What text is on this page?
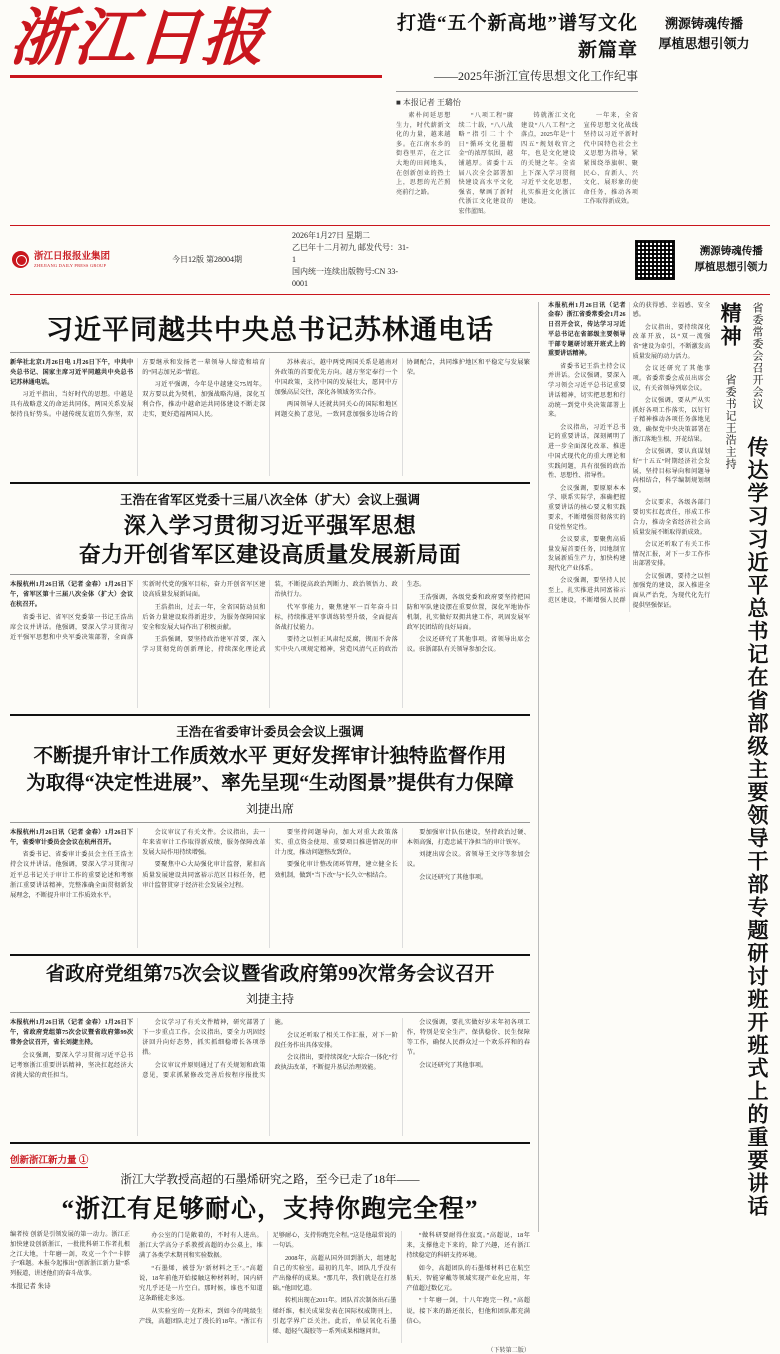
浙江日报	打造“五个新高地”谱写文化新篇章
——2025年浙江宣传思想文化工作纪事
■ 本报记者 王璐怡

素朴问延思想生力，时代薪新文化的力量，越来越多。在江南水乡的街巷里弄，在之江大地的田间地头，在创新创业的热土上，思想的光芒照亮前行之路。

“八项工程”赓续二十载，“八八战略”指引二十个日“循环文化墨精金”的浓厚氛围，越铺越厚。省委十五届八次全会部署加快建设高水平文化强省，擘画了新时代浙江文化建设的宏伟蓝图。

铸就浙江文化建设“八八工程”之落点，2025年是“十四五”规划收官之年，也是文化建设的关键之年。全省上下深入学习贯彻习近平文化思想，扎实推进文化浙江建设。

一年来，全省宣传思想文化战线坚持以习近平新时代中国特色社会主义思想为指导，紧紧围绕举旗帜、聚民心、育新人、兴文化、展形象的使命任务，推动各项工作取得新成效。

溯源铸魂传播
厚植思想引领力
浙江日报报业集团
ZHEJIANG DAILY PRESS GROUP
今日12版 第28004期
2026年1月27日 星期二
乙巳年十二月初九 邮发代号：31-1
国内统一连续出版物号:CN 33-0001
溯源铸魂传播
厚植思想引领力
习近平同越共中央总书记苏林通电话

新华社北京1月26日电 1月26日下午，中共中央总书记、国家主席习近平同越共中央总书记苏林通电话。

习近平指出，当好时代的思想。中越是具有战略意义的命运共同体，两国关系发展保持良好势头。中越传统友谊历久弥坚，双方要继承和发扬老一辈领导人缔造和培育的“同志加兄弟”情谊。

习近平强调，今年是中越建交75周年。双方要以此为契机，加强战略沟通，深化互利合作，推动中越命运共同体建设不断走深走实，更好造福两国人民。

苏林表示，越中两党两国关系是越南对外政策的首要优先方向。越方坚定奉行一个中国政策，支持中国的发展壮大，愿同中方加强高层交往，深化各领域务实合作。

两国领导人还就共同关心的国际和地区问题交换了意见，一致同意加强多边场合的协调配合，共同维护地区和平稳定与发展繁荣。

王浩在省军区党委十三届八次全体（扩大）会议上强调
深入学习贯彻习近平强军思想
奋力开创省军区建设高质量发展新局面

本报杭州1月26日讯（记者 金春）1月26日下午，省军区第十三届八次全体（扩大）会议在杭召开。

省委书记、省军区党委第一书记王浩出席会议并讲话。他强调，要深入学习贯彻习近平强军思想和中央军委决策部署，全面落实新时代党的强军目标，奋力开创省军区建设高质量发展新局面。

王浩指出，过去一年，全省国防动员和后备力量建设取得新进步，为服务保障国家安全和发展大局作出了积极贡献。

王浩强调，要坚持政治建军首要，深入学习贯彻党的创新理论，持续深化理论武装，不断提高政治判断力、政治领悟力、政治执行力。

代军事能力，聚焦建军一百年奋斗目标，持续推进军事训练转型升级，全面提高备战打仗能力。

要持之以恒正风肃纪反腐，锲而不舍落实中央八项规定精神，营造风清气正的政治生态。

王浩强调，各级党委和政府要坚持把国防和军队建设摆在重要位置，深化军地协作机制，扎实做好双拥共建工作，巩固发展军政军民团结的良好局面。

会议还研究了其他事项。省领导出席会议。驻浙部队有关领导参加会议。

王浩在省委审计委员会会议上强调
不断提升审计工作质效水平 更好发挥审计独特监督作用
为取得“决定性进展”、率先呈现“生动图景”提供有力保障
刘捷出席

本报杭州1月26日讯（记者 金春）1月26日下午，省委审计委员会会议在杭州召开。

省委书记、省委审计委员会主任王浩主持会议并讲话。他强调，要深入学习贯彻习近平总书记关于审计工作的重要论述和考察浙江重要讲话精神，完整准确全面贯彻新发展理念，不断提升审计工作质效水平。

会议审议了有关文件。会议指出，去一年来省审计工作取得新成绩，服务保障改革发展大局作用持续增强。

要聚焦中心大局强化审计监督，紧扣高质量发展建设共同富裕示范区目标任务，把审计监督贯穿于经济社会发展全过程。

要坚持问题导向，加大对重大政策落实、重点资金使用、重要项目推进情况的审计力度，推动问题整改到位。

要强化审计整改闭环管理，建立健全长效机制，做到“当下改”与“长久立”相结合。

要加强审计队伍建设，坚持政治过硬、本领高强，打造忠诚干净担当的审计铁军。

刘捷出席会议。省领导王文序等参加会议。

会议还研究了其他事项。

省政府党组第75次会议暨省政府第99次常务会议召开
刘捷主持

本报杭州1月26日讯（记者 金春）1月26日下午，省政府党组第75次会议暨省政府第99次常务会议召开，省长刘捷主持。

会议强调，要深入学习贯彻习近平总书记考察浙江重要讲话精神，坚决扛起经济大省挑大梁的责任担当。

会议学习了有关文件精神，研究部署了下一步重点工作。会议指出，要全力巩固经济回升向好态势，抓实抓细稳增长各项举措。

会议审议并原则通过了有关规划和政策意见，要求抓紧修改完善后按程序报批实施。

会议还听取了相关工作汇报，对下一阶段任务作出具体安排。

会议指出，要持续深化“大综合一体化”行政执法改革，不断提升基层治理效能。

会议强调，要扎实做好岁末年初各项工作，特别是安全生产、保供稳价、民生保障等工作，确保人民群众过一个欢乐祥和的春节。

会议还研究了其他事项。

创新浙江新力量 ①
浙江大学教授高超的石墨烯研究之路，至今已走了18年——
“浙江有足够耐心，支持你跑完全程”

编者按 创新是引领发展的第一动力。浙江正加快建设创新浙江，一批批科研工作者扎根之江大地，十年磨一剑，攻克一个个“卡脖子”难题。本报今起推出“创新浙江新力量”系列报道，讲述他们的奋斗故事。

本报记者 朱诗

办公室的门是敞着的，不时有人进出。浙江大学高分子系教授高超的办公桌上，堆满了各类学术期刊和实验数据。

“石墨烯，被誉为‘新材料之王’。”高超说，18年前他开始接触这种材料时，国内研究几乎还是一片空白。那时候，谁也不知道这条路能走多远。

从实验室的一克粉末，到如今的吨级生产线，高超团队走过了漫长的18年。“浙江有足够耐心，支持你跑完全程。”这是他最常说的一句话。

2008年，高超从国外回到浙大，组建起自己的实验室。最初的几年，团队几乎没有产出像样的成果。“那几年，我们就是在打基础。”他回忆道。

转机出现在2011年。团队首次制备出石墨烯纤维，相关成果发表在国际权威期刊上，引起学界广泛关注。此后，单层氧化石墨烯、超轻气凝胶等一系列成果相继问世。

“做科研要耐得住寂寞。”高超说，18年来，支撑他走下来的，除了兴趣，还有浙江持续稳定的科研支持环境。

如今，高超团队的石墨烯材料已在航空航天、智能穿戴等领域实现产业化应用，年产值超过数亿元。

“十年磨一剑，十八年跑完一程。”高超说，接下来的路还很长，但他和团队都充满信心。

（下转第二版）
省委常委会召开会议 传达学习习近平总书记在省部级主要领导干部专题研讨班开班式上的重要讲话精神 省委书记王浩主持

本报杭州1月26日讯（记者 金春）浙江省委常委会1月26日召开会议，传达学习习近平总书记在省部级主要领导干部专题研讨班开班式上的重要讲话精神。

省委书记王浩主持会议并讲话。会议强调，要深入学习领会习近平总书记重要讲话精神，切实把思想和行动统一到党中央决策部署上来。

会议指出，习近平总书记的重要讲话，深刻阐明了进一步全面深化改革、推进中国式现代化的重大理论和实践问题，具有很强的政治性、思想性、指导性。

会议强调，要原原本本学、联系实际学，准确把握重要讲话的核心要义和实践要求，不断增强贯彻落实的自觉性坚定性。

会议要求，要聚焦高质量发展首要任务，因地制宜发展新质生产力，加快构建现代化产业体系。

会议强调，要坚持人民至上，扎实推进共同富裕示范区建设，不断增强人民群众的获得感、幸福感、安全感。

会议指出，要持续深化改革开放，以“双一流强省”建设为牵引，不断激发高质量发展的动力活力。

会议还研究了其他事项。省委常委会成员出席会议，有关省领导列席会议。

会议强调，要从严从实抓好各项工作落实，以钉钉子精神推动各项任务落地见效，确保党中央决策部署在浙江落地生根、开花结果。

会议强调，要认真谋划好“十五五”时期经济社会发展，坚持目标导向和问题导向相结合，科学编制规划纲要。

会议要求，各级各部门要切实扛起责任，形成工作合力，推动全省经济社会高质量发展不断取得新成效。

会议还听取了有关工作情况汇报，对下一步工作作出部署安排。

会议强调，要持之以恒加强党的建设，深入推进全面从严治党，为现代化先行提供坚强保证。
